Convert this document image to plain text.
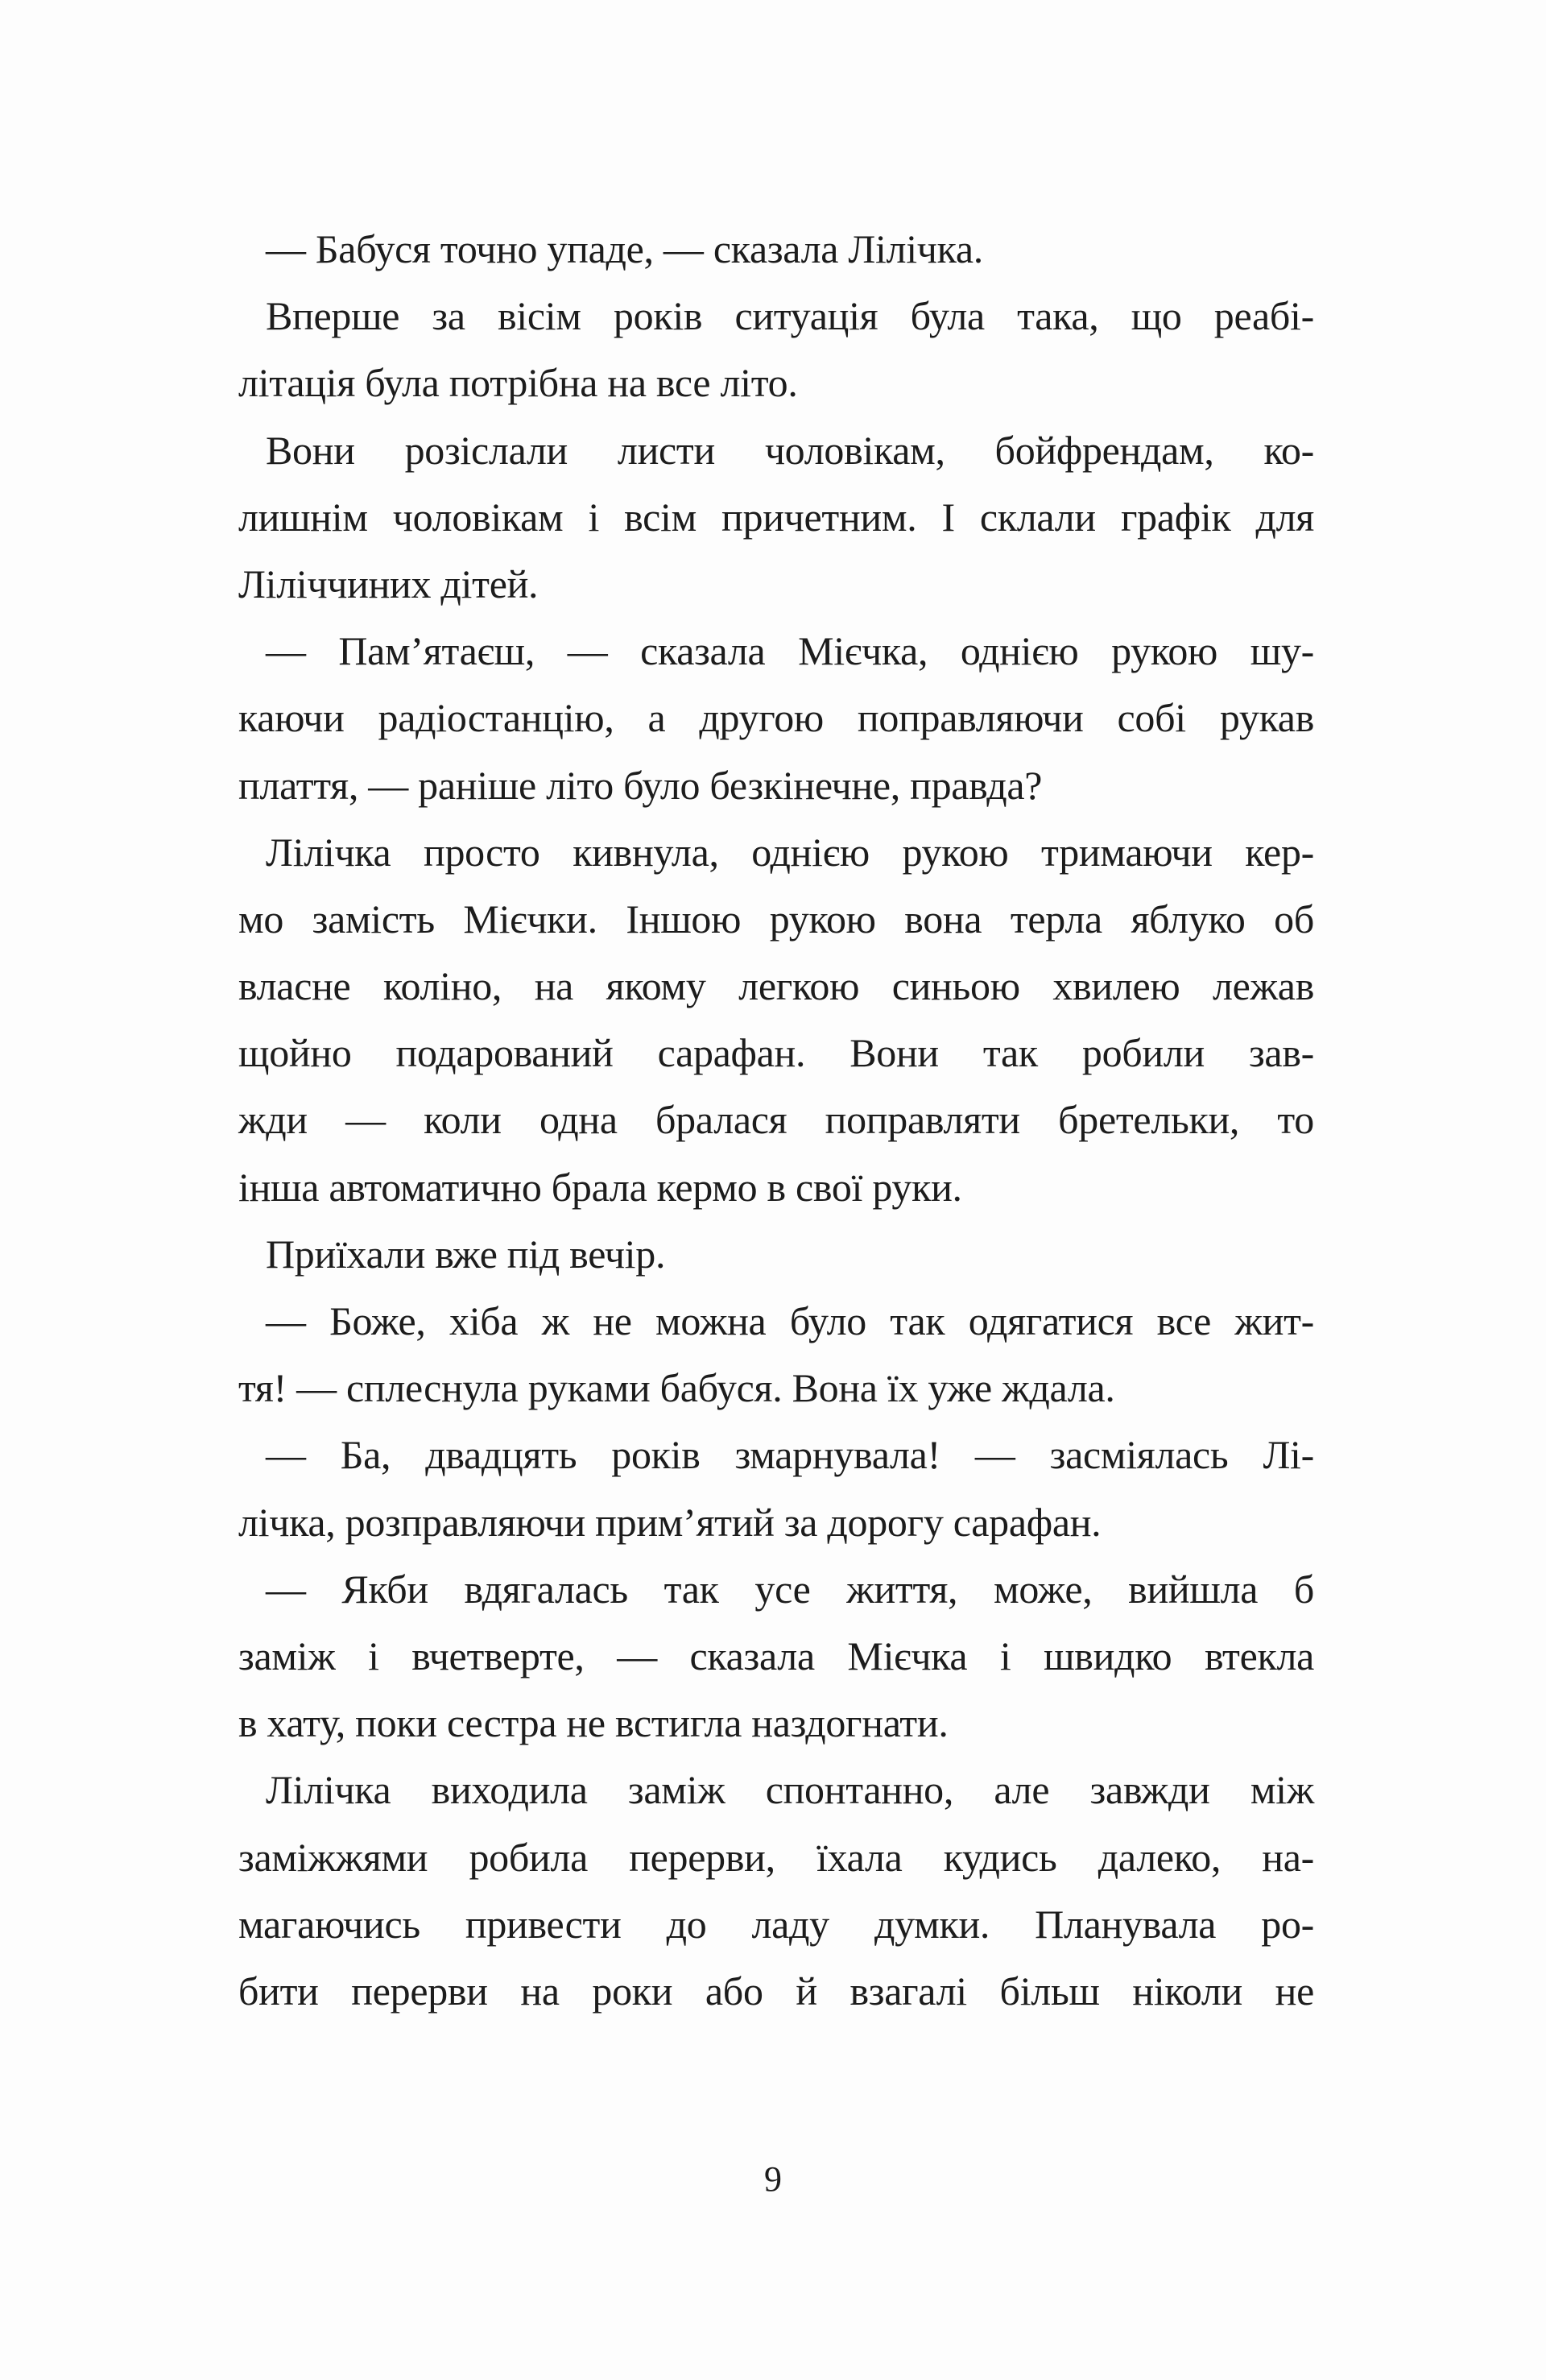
— Бабуся точно упаде, — сказала Лілічка.
Вперше за вісім років ситуація була така, що реабі-
літація була потрібна на все літо.
Вони розіслали листи чоловікам, бойфрендам, ко-
лишнім чоловікам і всім причетним. І склали графік для
Лілiччиних дітей.
— Пам’ятаєш, — сказала Мієчка, однією рукою шу-
каючи радіостанцію, а другою поправляючи собі рукав
плаття, — раніше літо було безкінечне, правда?
Лілічка просто кивнула, однією рукою тримаючи кер-
мо замість Мієчки. Іншою рукою вона терла яблуко об
власне коліно, на якому легкою синьою хвилею лежав
щойно подарований сарафан. Вони так робили зав-
жди — коли одна бралася поправляти бретельки, то
інша автоматично брала кермо в свої руки.
Приїхали вже під вечір.
— Боже, хіба ж не можна було так одягатися все жит-
тя! — сплеснула руками бабуся. Вона їх уже ждала.
— Ба, двадцять років змарнувала! — засміялась Лі-
лічка, розправляючи прим’ятий за дорогу сарафан.
— Якби вдягалась так усе життя, може, вийшла б
заміж і вчетверте, — сказала Мієчка і швидко втекла
в хату, поки сестра не встигла наздогнати.
Лілічка виходила заміж спонтанно, але завжди між
заміжжями робила перерви, їхала кудись далеко, на-
магаючись привести до ладу думки. Планувала ро-
бити перерви на роки або й взагалі більш ніколи не
9
